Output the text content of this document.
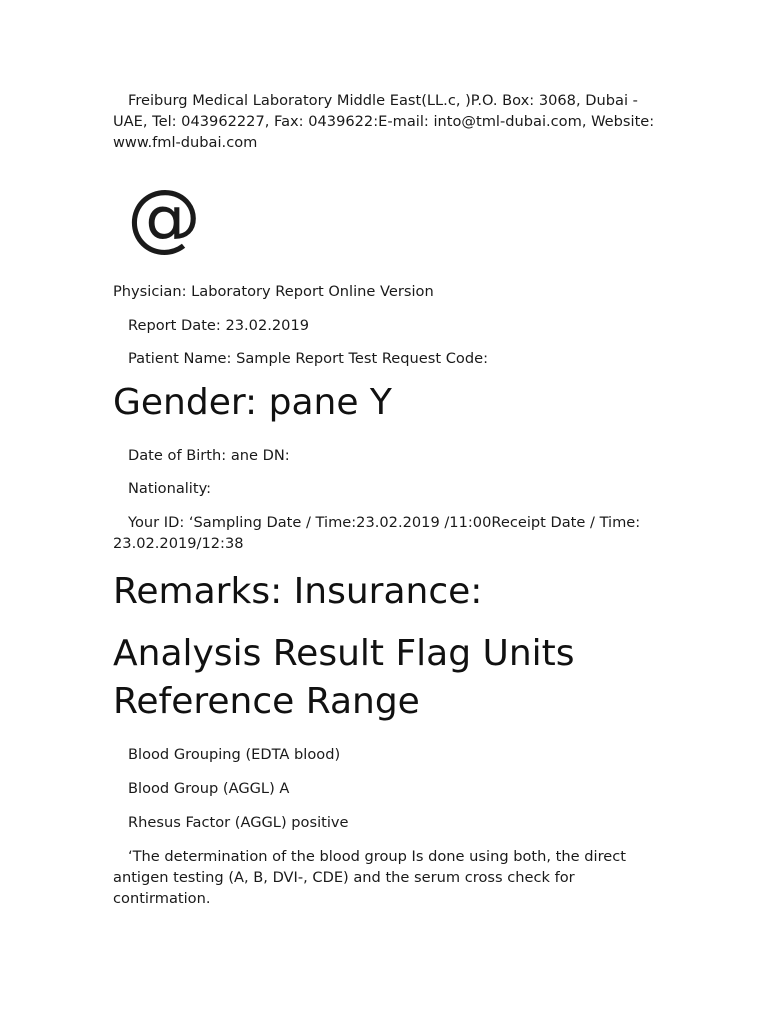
Freiburg Medical Laboratory Middle East(LL.c, )P.O. Box: 3068, Dubai - UAE, Tel: 043962227, Fax: 0439622:E-mail: into@tml-dubai.com, Website: www.fml-dubai.com

@

Physician: Laboratory Report Online Version

Report Date: 23.02.2019

Patient Name: Sample Report Test Request Code:

Gender: pane Y

Date of Birth: ane DN:

Nationality:

Your ID: ‘Sampling Date / Time:23.02.2019 /11:00Receipt Date / Time: 23.02.2019/12:38

Remarks: Insurance:
Analysis Result Flag Units Reference Range

Blood Grouping (EDTA blood)

Blood Group (AGGL) A

Rhesus Factor (AGGL) positive

‘The determination of the blood group Is done using both, the direct antigen testing (A, B, DVI-, CDE) and the serum cross check for contirmation.
